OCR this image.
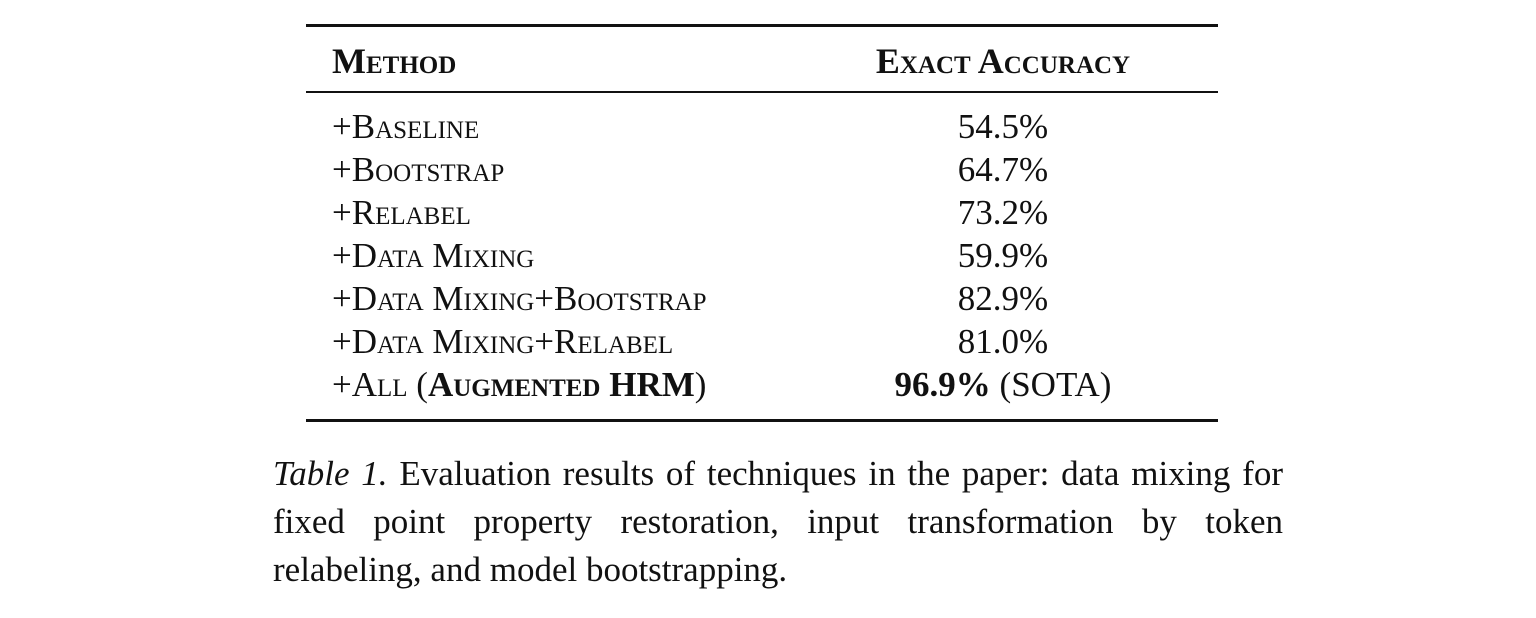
Method	Exact Accuracy
+Baseline	54.5%
+Bootstrap	64.7%
+Relabel	73.2%
+Data Mixing	59.9%
+Data Mixing+Bootstrap	82.9%
+Data Mixing+Relabel	81.0%
+All ( Augmented HRM )	96.9% (SOTA)
Table 1. Evaluation results of techniques in the paper: data mixing for fixed point property restoration, input transformation by token relabeling, and model bootstrapping.
